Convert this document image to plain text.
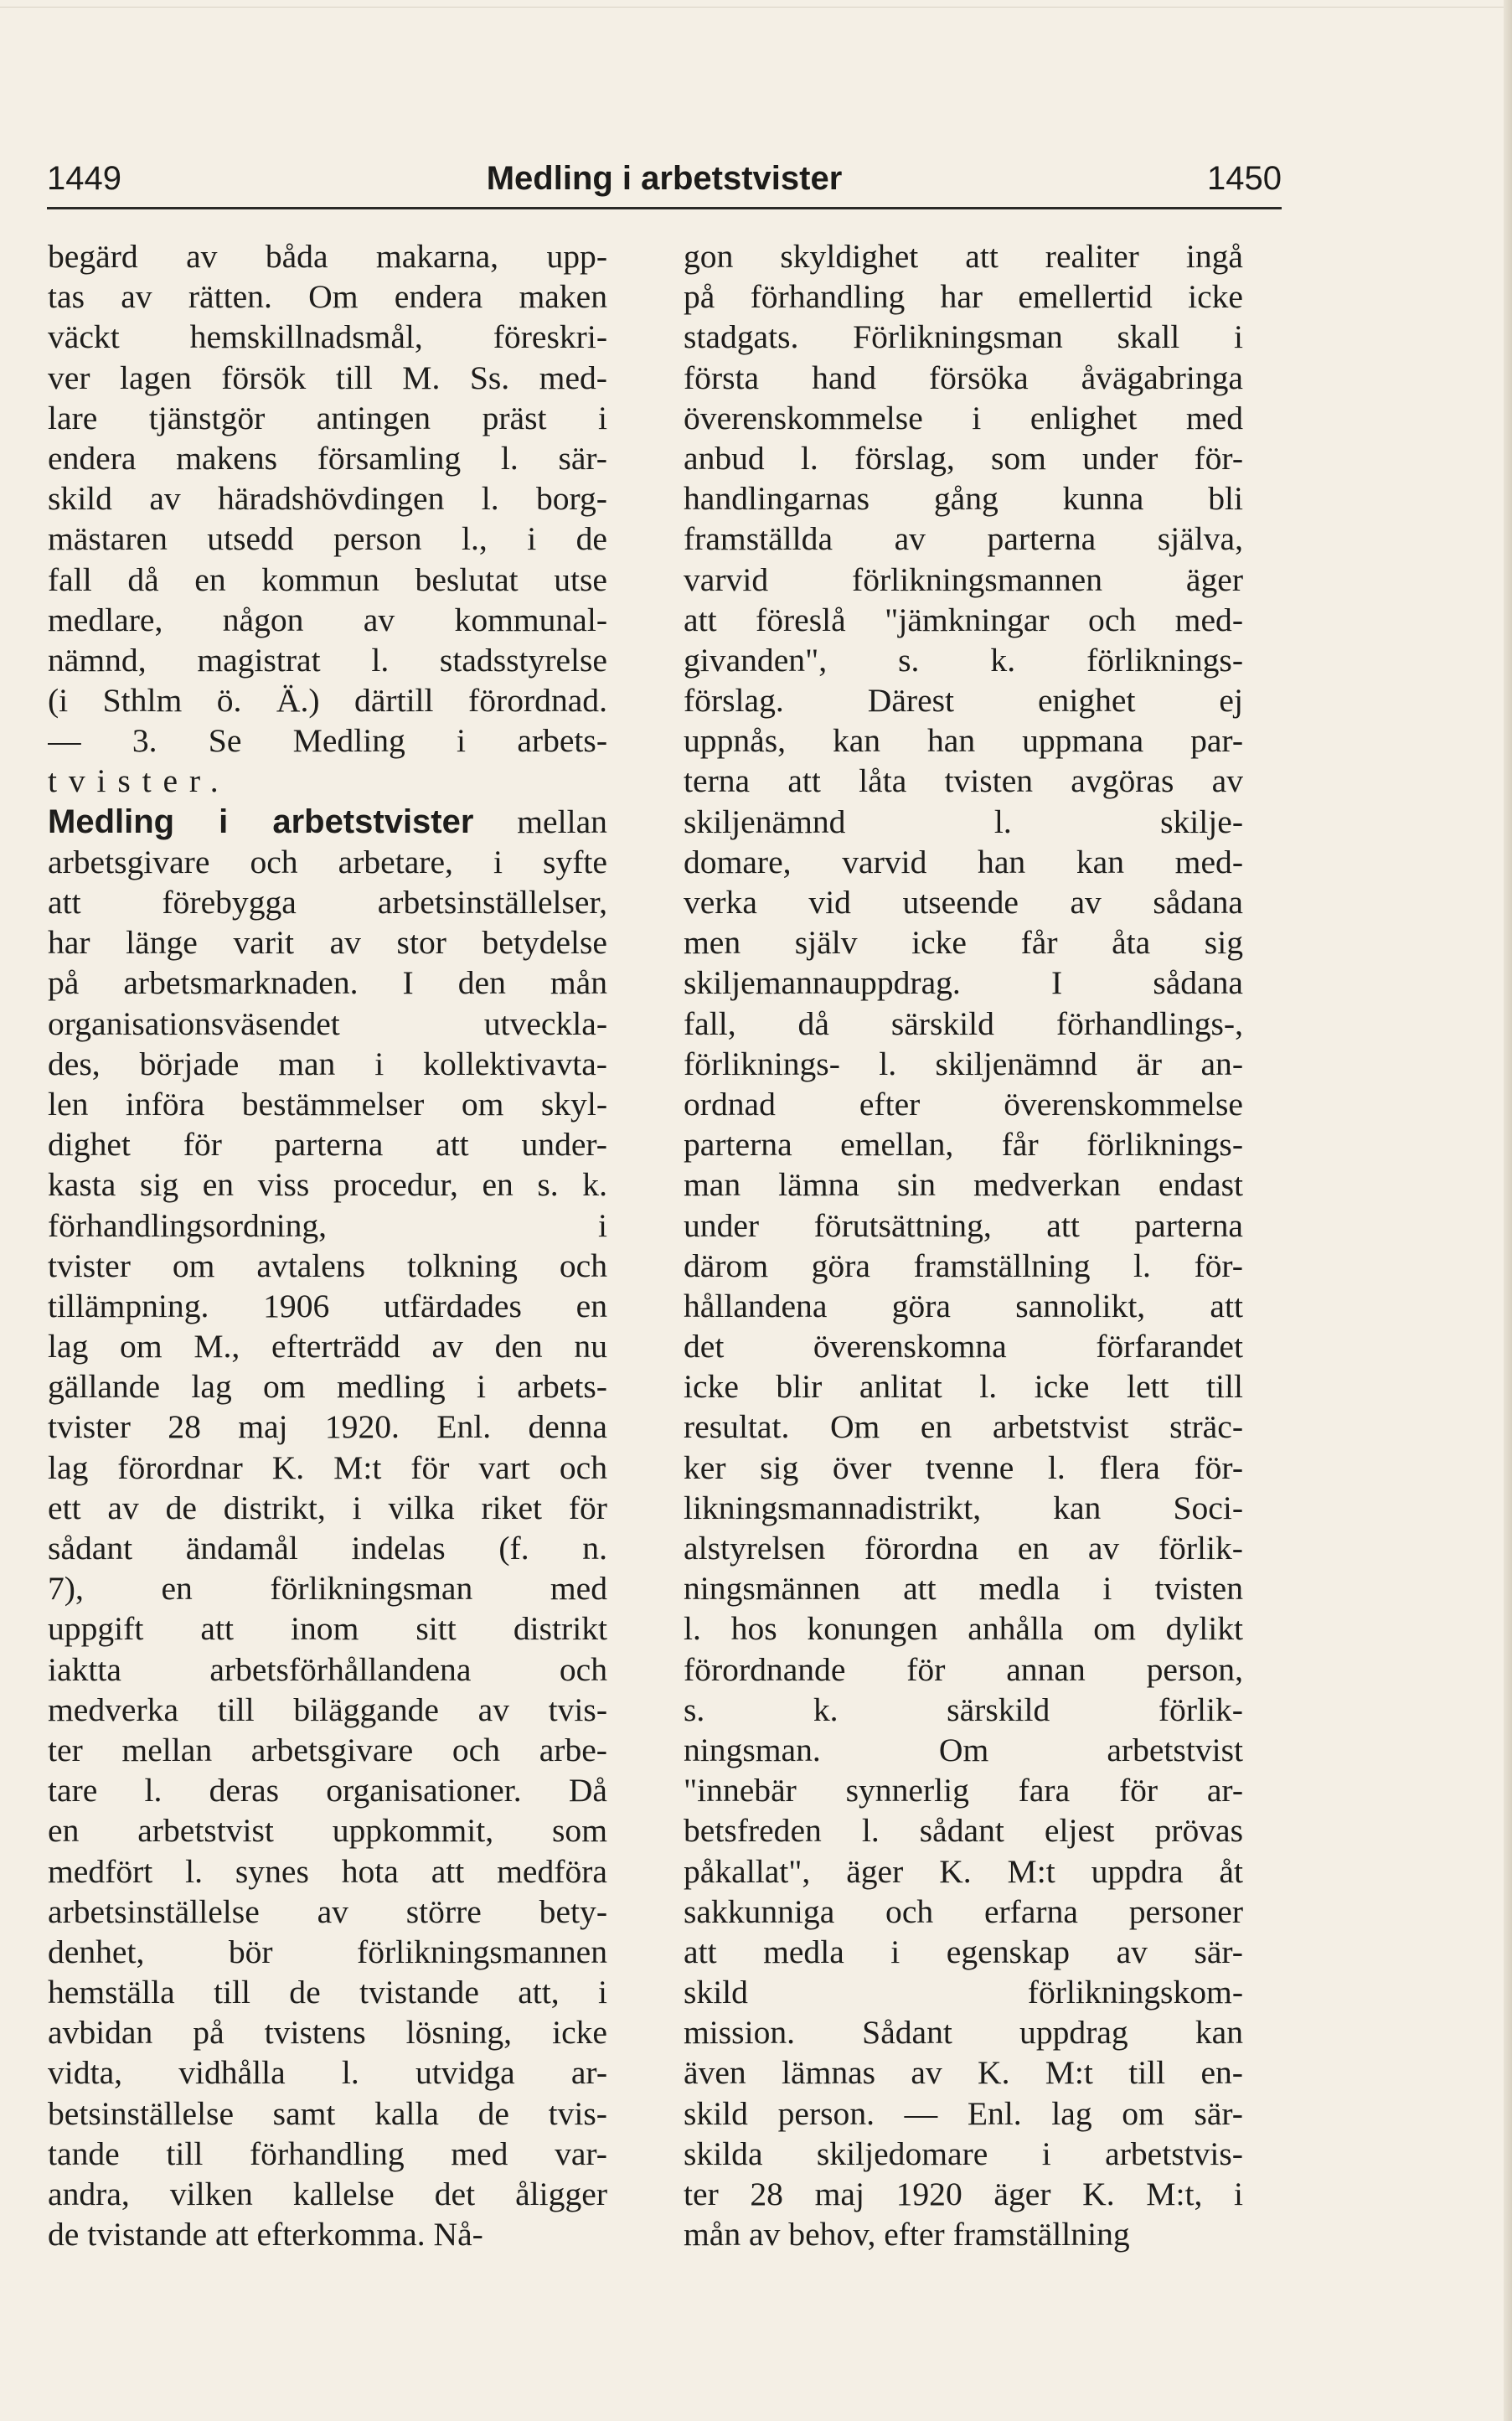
1449	Medling i arbetstvister	1450
begärd av båda makarna, upp-
tas av rätten. Om endera maken
väckt hemskillnadsmål, föreskri-
ver lagen försök till M. Ss. med-
lare tjänstgör antingen präst i
endera makens församling l. sär-
skild av häradshövdingen l. borg-
mästaren utsedd person l., i de
fall då en kommun beslutat utse
medlare, någon av kommunal-
nämnd, magistrat l. stadsstyrelse
(i Sthlm ö. Ä.) därtill förordnad.
— 3. Se Medling i arbets-
tvister.
Medling i arbetstvister mellan
arbetsgivare och arbetare, i syfte
att förebygga arbetsinställelser,
har länge varit av stor betydelse
på arbetsmarknaden. I den mån
organisationsväsendet utveckla-
des, började man i kollektivavta-
len införa bestämmelser om skyl-
dighet för parterna att under-
kasta sig en viss procedur, en s. k.
förhandlingsordning, i
tvister om avtalens tolkning och
tillämpning. 1906 utfärdades en
lag om M., efterträdd av den nu
gällande lag om medling i arbets-
tvister 28 maj 1920. Enl. denna
lag förordnar K. M:t för vart och
ett av de distrikt, i vilka riket för
sådant ändamål indelas (f. n.
7), en förlikningsman med
uppgift att inom sitt distrikt
iaktta arbetsförhållandena och
medverka till biläggande av tvis-
ter mellan arbetsgivare och arbe-
tare l. deras organisationer. Då
en arbetstvist uppkommit, som
medfört l. synes hota att medföra
arbetsinställelse av större bety-
denhet, bör förlikningsmannen
hemställa till de tvistande att, i
avbidan på tvistens lösning, icke
vidta, vidhålla l. utvidga ar-
betsinställelse samt kalla de tvis-
tande till förhandling med var-
andra, vilken kallelse det åligger
de tvistande att efterkomma. Nå-
gon skyldighet att realiter ingå
på förhandling har emellertid icke
stadgats. Förlikningsman skall i
första hand försöka åvägabringa
överenskommelse i enlighet med
anbud l. förslag, som under för-
handlingarnas gång kunna bli
framställda av parterna själva,
varvid förlikningsmannen äger
att föreslå "jämkningar och med-
givanden", s. k. förliknings-
förslag. Därest enighet ej
uppnås, kan han uppmana par-
terna att låta tvisten avgöras av
skiljenämnd l. skilje-
domare, varvid han kan med-
verka vid utseende av sådana
men själv icke får åta sig
skiljemannauppdrag. I sådana
fall, då särskild förhandlings-,
förliknings- l. skiljenämnd är an-
ordnad efter överenskommelse
parterna emellan, får förliknings-
man lämna sin medverkan endast
under förutsättning, att parterna
därom göra framställning l. för-
hållandena göra sannolikt, att
det överenskomna förfarandet
icke blir anlitat l. icke lett till
resultat. Om en arbetstvist sträc-
ker sig över tvenne l. flera för-
likningsmannadistrikt, kan Soci-
alstyrelsen förordna en av förlik-
ningsmännen att medla i tvisten
l. hos konungen anhålla om dylikt
förordnande för annan person,
s. k. särskild förlik-
ningsman. Om arbetstvist
"innebär synnerlig fara för ar-
betsfreden l. sådant eljest prövas
påkallat", äger K. M:t uppdra åt
sakkunniga och erfarna personer
att medla i egenskap av sär-
skild förlikningskom-
mission. Sådant uppdrag kan
även lämnas av K. M:t till en-
skild person. — Enl. lag om sär-
skilda skiljedomare i arbetstvis-
ter 28 maj 1920 äger K. M:t, i
mån av behov, efter framställning
